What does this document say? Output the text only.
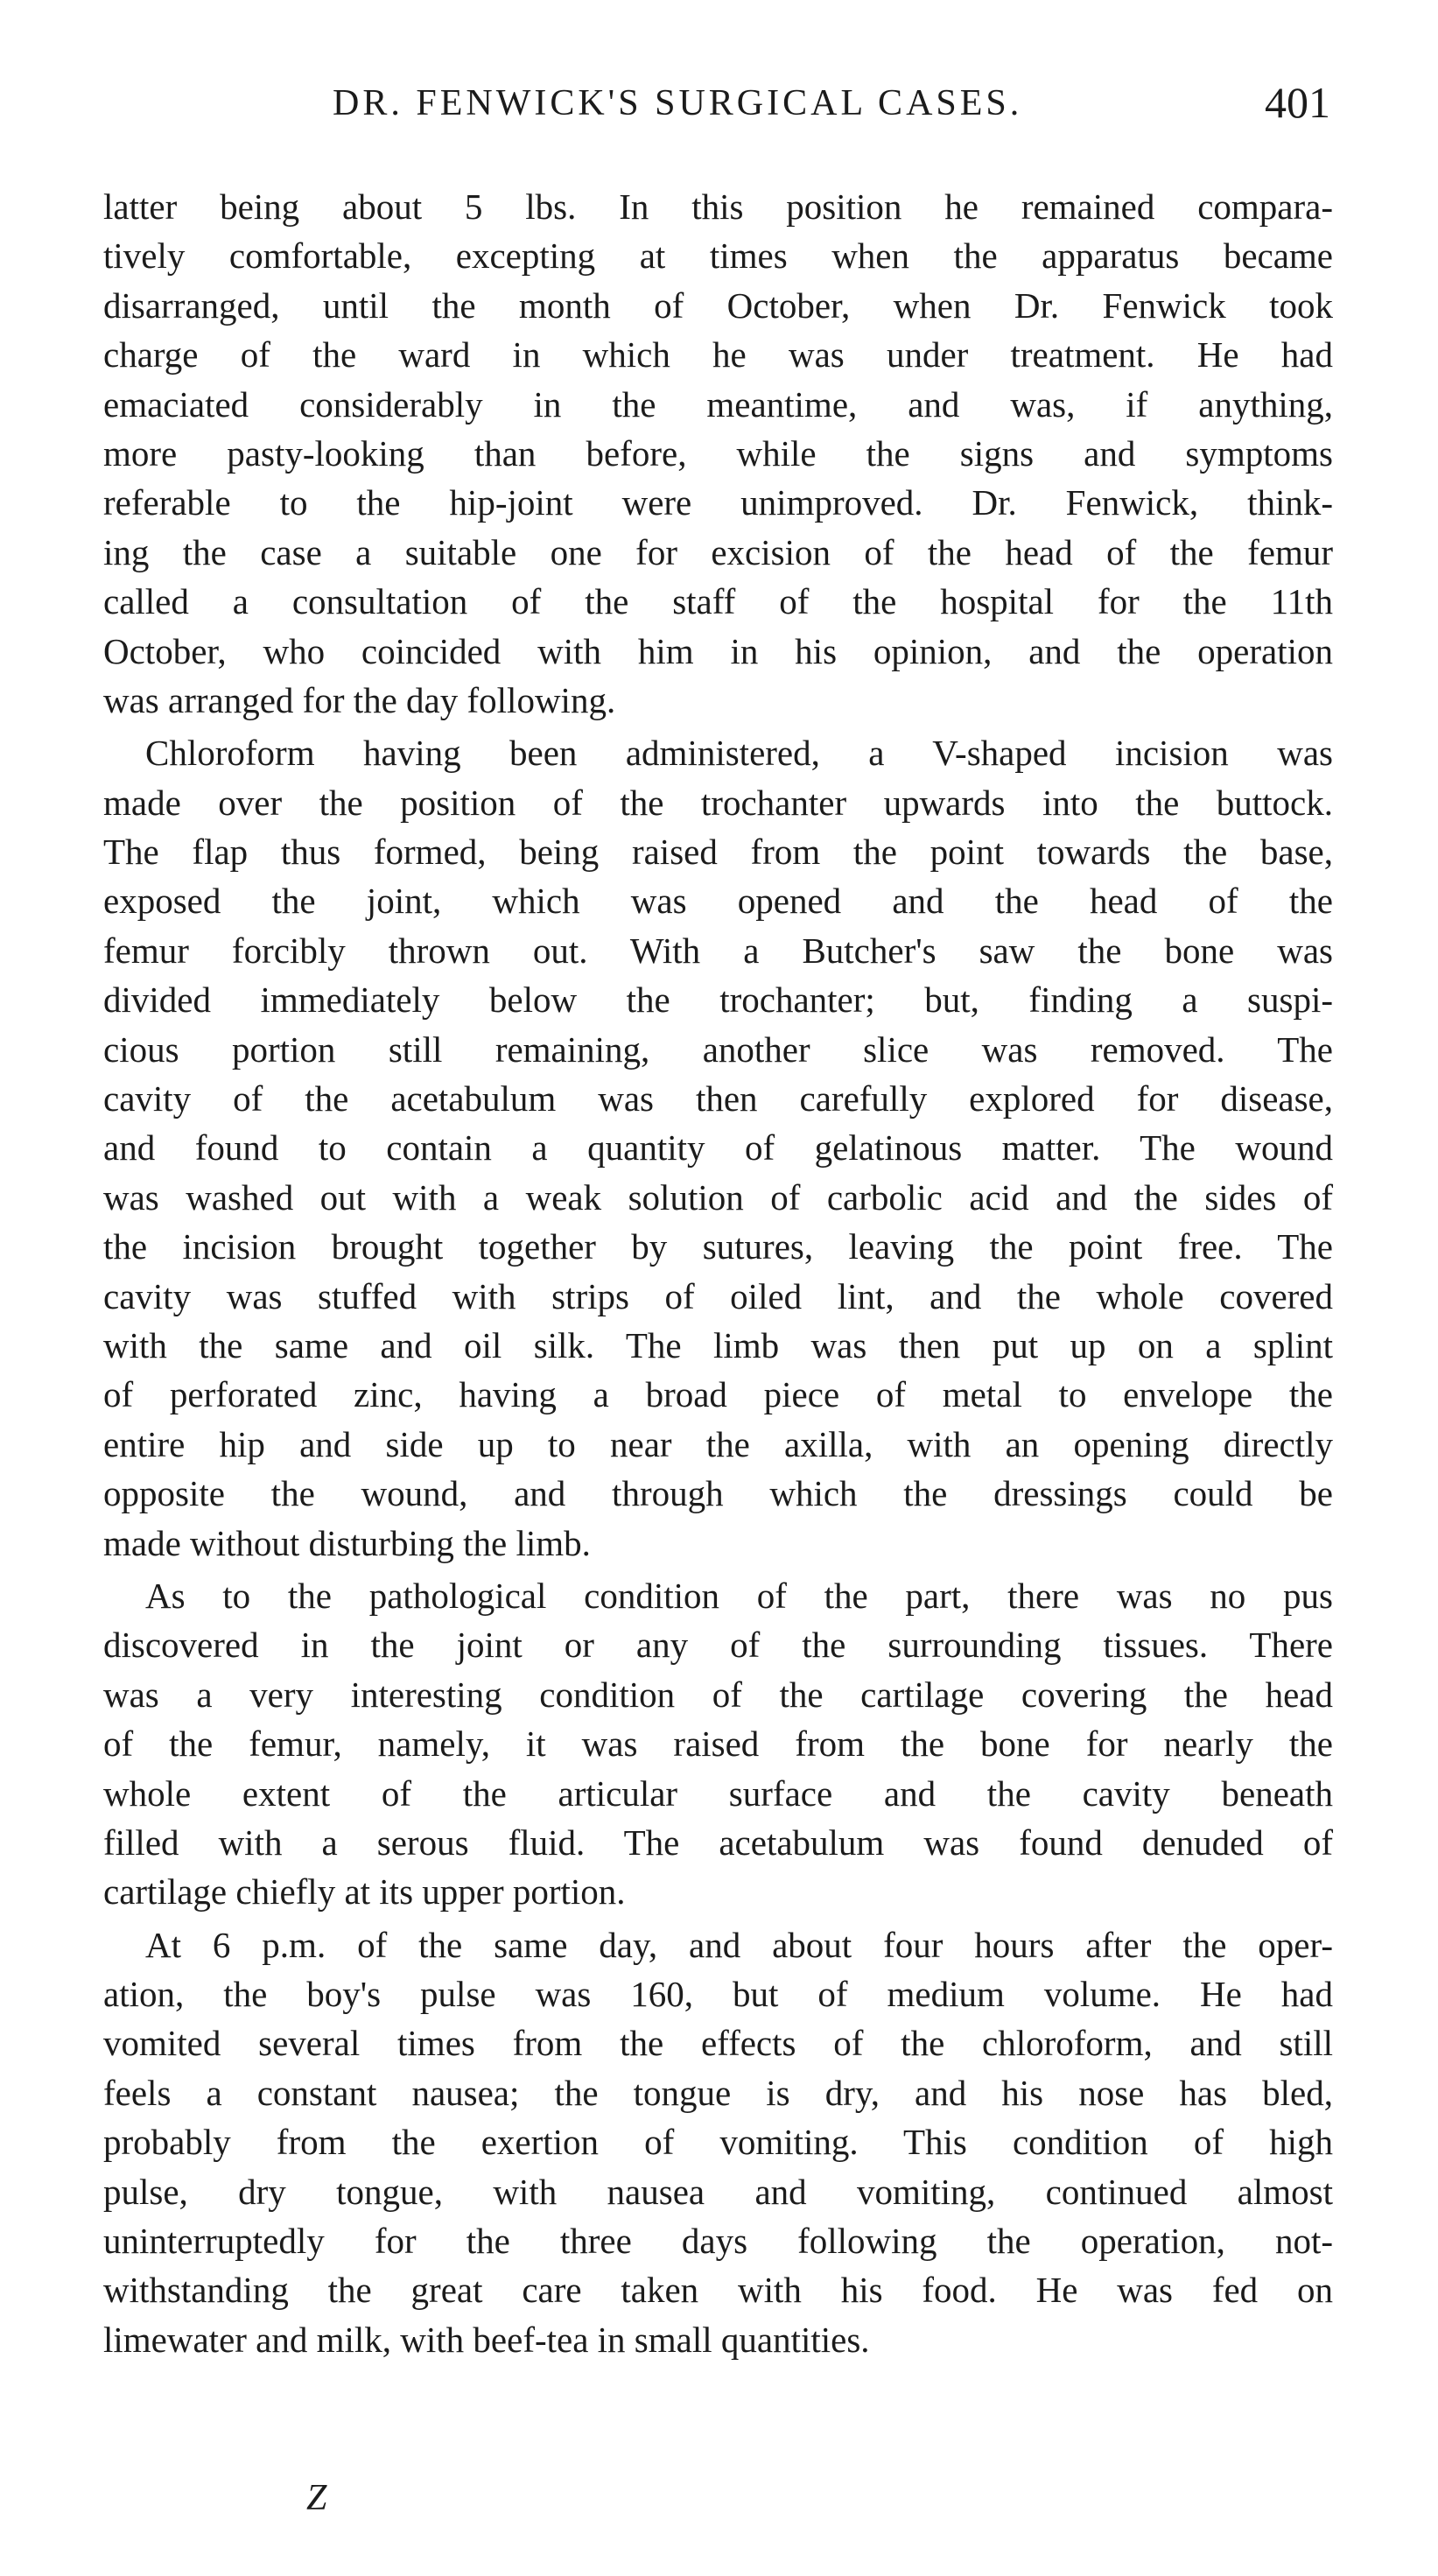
DR. FENWICK'S SURGICAL CASES.	401
latter being about 5 lbs. In this position he remained compara-
tively comfortable, excepting at times when the apparatus became
disarranged, until the month of October, when Dr. Fenwick took
charge of the ward in which he was under treatment. He had
emaciated considerably in the meantime, and was, if anything,
more pasty-looking than before, while the signs and symptoms
referable to the hip-joint were unimproved. Dr. Fenwick, think-
ing the case a suitable one for excision of the head of the femur
called a consultation of the staff of the hospital for the 11th
October, who coincided with him in his opinion, and the operation
was arranged for the day following.
Chloroform having been administered, a V-shaped incision was
made over the position of the trochanter upwards into the buttock.
The flap thus formed, being raised from the point towards the base,
exposed the joint, which was opened and the head of the
femur forcibly thrown out. With a Butcher's saw the bone was
divided immediately below the trochanter; but, finding a suspi-
cious portion still remaining, another slice was removed. The
cavity of the acetabulum was then carefully explored for disease,
and found to contain a quantity of gelatinous matter. The wound
was washed out with a weak solution of carbolic acid and the sides of
the incision brought together by sutures, leaving the point free. The
cavity was stuffed with strips of oiled lint, and the whole covered
with the same and oil silk. The limb was then put up on a splint
of perforated zinc, having a broad piece of metal to envelope the
entire hip and side up to near the axilla, with an opening directly
opposite the wound, and through which the dressings could be
made without disturbing the limb.
As to the pathological condition of the part, there was no pus
discovered in the joint or any of the surrounding tissues. There
was a very interesting condition of the cartilage covering the head
of the femur, namely, it was raised from the bone for nearly the
whole extent of the articular surface and the cavity beneath
filled with a serous fluid. The acetabulum was found denuded of
cartilage chiefly at its upper portion.
At 6 p.m. of the same day, and about four hours after the oper-
ation, the boy's pulse was 160, but of medium volume. He had
vomited several times from the effects of the chloroform, and still
feels a constant nausea; the tongue is dry, and his nose has bled,
probably from the exertion of vomiting. This condition of high
pulse, dry tongue, with nausea and vomiting, continued almost
uninterruptedly for the three days following the operation, not-
withstanding the great care taken with his food. He was fed on
limewater and milk, with beef-tea in small quantities.
Z
